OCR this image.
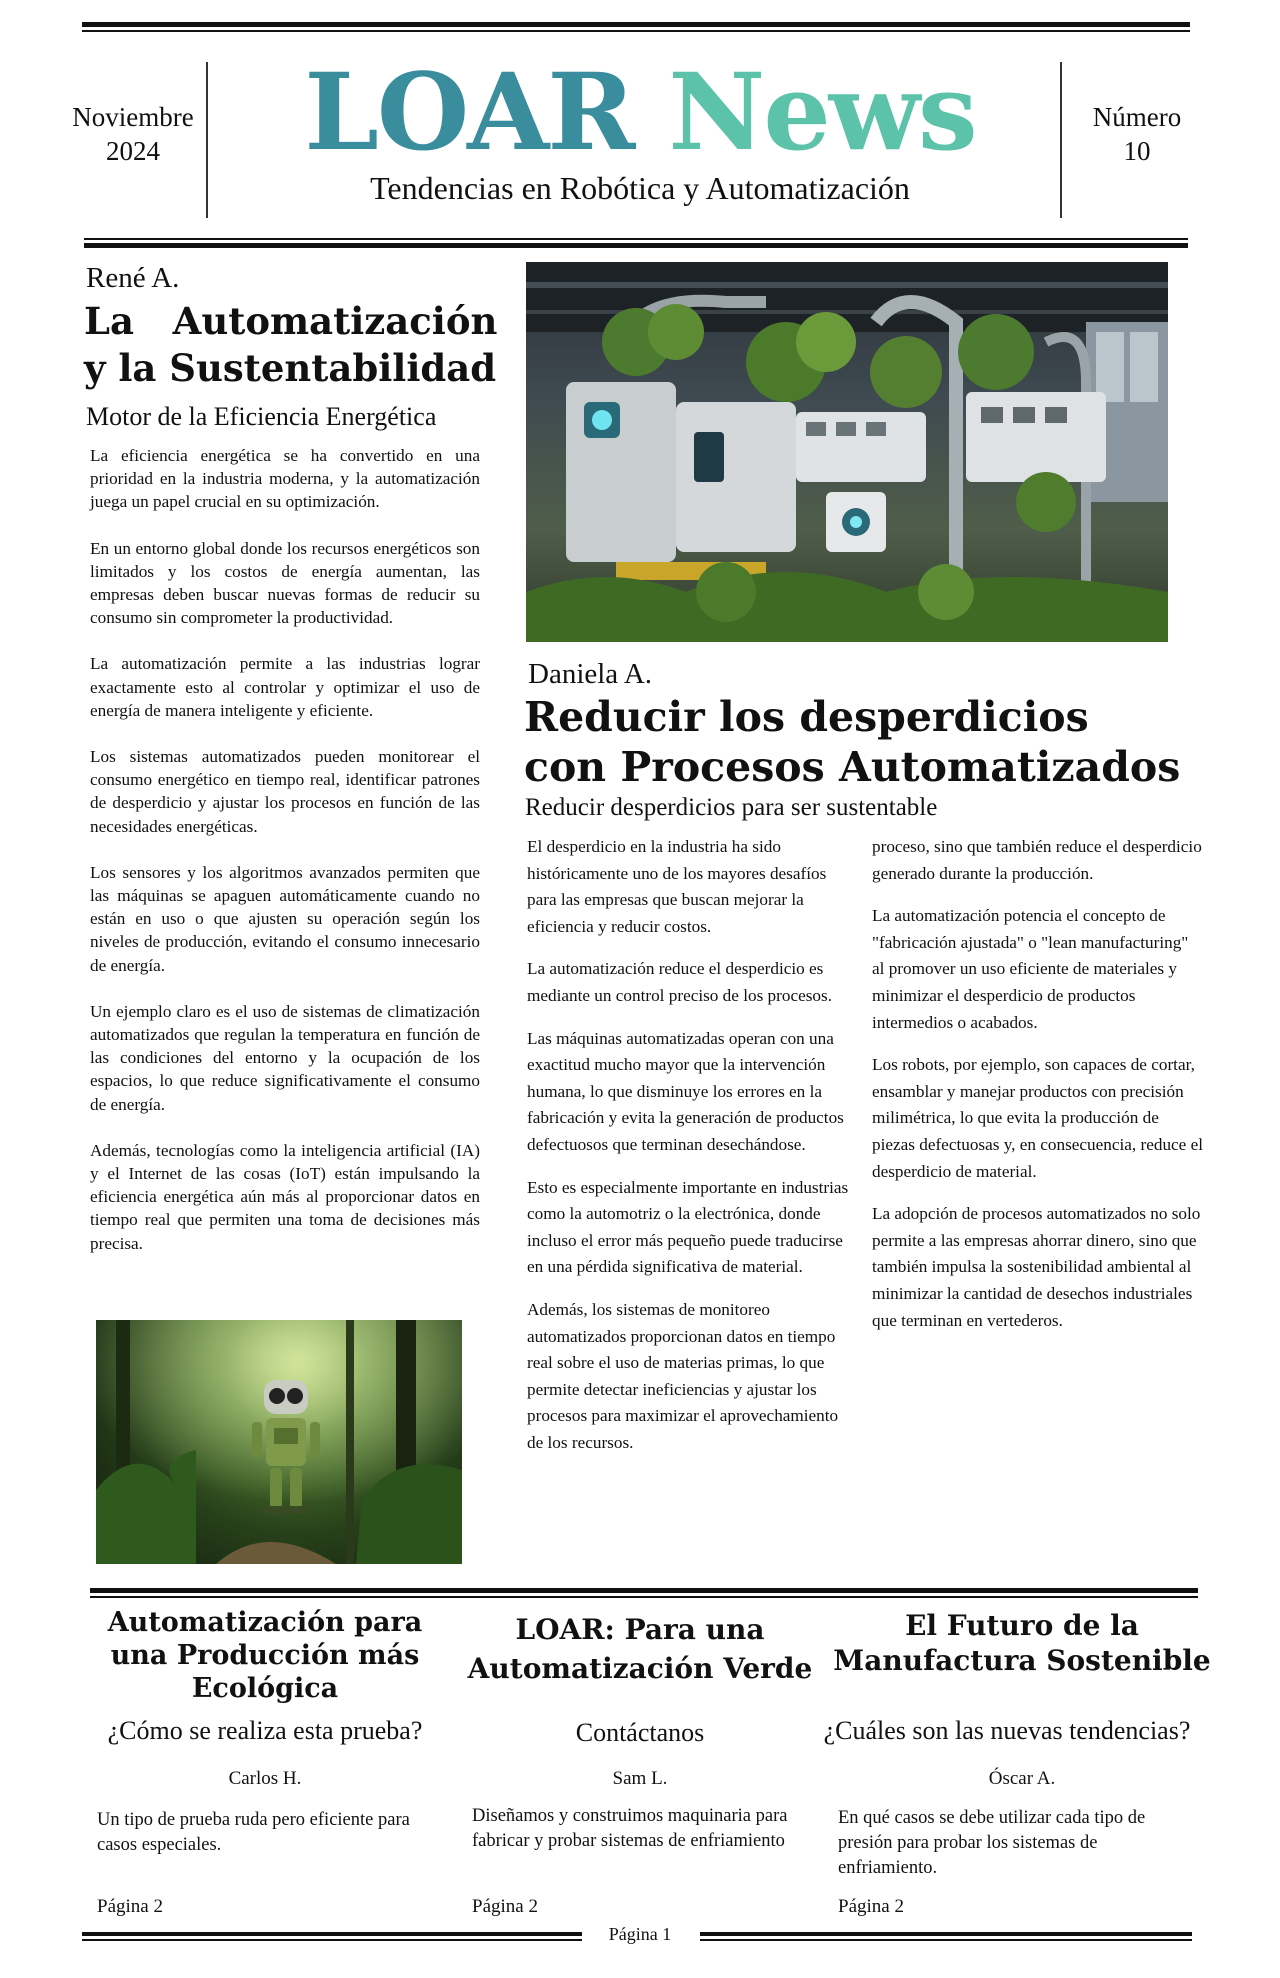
Noviembre
2024	LOAR News
Tendencias en Robótica y Automatización
Número
10
René A.
La   Automatización
y la Sustentabilidad
Motor de la Eficiencia Energética

La eficiencia energética se ha convertido en una prioridad en la industria moderna, y la automatización juega un papel crucial en su optimización.

En un entorno global donde los recursos energéticos son limitados y los costos de energía aumentan, las empresas deben buscar nuevas formas de reducir su consumo sin comprometer la productividad.

La automatización permite a las industrias lograr exactamente esto al controlar y optimizar el uso de energía de manera inteligente y eficiente.

Los sistemas automatizados pueden monitorear el consumo energético en tiempo real, identificar patrones de desperdicio y ajustar los procesos en función de las necesidades energéticas.

Los sensores y los algoritmos avanzados permiten que las máquinas se apaguen automáticamente cuando no están en uso o que ajusten su operación según los niveles de producción, evitando el consumo innecesario de energía.

Un ejemplo claro es el uso de sistemas de climatización automatizados que regulan la temperatura en función de las condiciones del entorno y la ocupación de los espacios, lo que reduce significativamente el consumo de energía.

Además, tecnologías como la inteligencia artificial (IA) y el Internet de las cosas (IoT) están impulsando la eficiencia energética aún más al proporcionar datos en tiempo real que permiten una toma de decisiones más precisa.

Daniela A.
Reducir los desperdicios
con Procesos Automatizados
Reducir desperdicios para ser sustentable

El desperdicio en la industria ha sido históricamente uno de los mayores desafíos para las empresas que buscan mejorar la eficiencia y reducir costos.

La automatización reduce el desperdicio es mediante un control preciso de los procesos.

Las máquinas automatizadas operan con una exactitud mucho mayor que la intervención humana, lo que disminuye los errores en la fabricación y evita la generación de productos defectuosos que terminan desechándose.

Esto es especialmente importante en industrias como la automotriz o la electrónica, donde incluso el error más pequeño puede traducirse en una pérdida significativa de material.

Además, los sistemas de monitoreo automatizados proporcionan datos en tiempo real sobre el uso de materias primas, lo que permite detectar ineficiencias y ajustar los procesos para maximizar el aprovechamiento de los recursos.

proceso, sino que también reduce el desperdicio generado durante la producción.

La automatización potencia el concepto de "fabricación ajustada" o "lean manufacturing" al promover un uso eficiente de materiales y minimizar el desperdicio de productos intermedios o acabados.

Los robots, por ejemplo, son capaces de cortar, ensamblar y manejar productos con precisión milimétrica, lo que evita la producción de piezas defectuosas y, en consecuencia, reduce el desperdicio de material.

La adopción de procesos automatizados no solo permite a las empresas ahorrar dinero, sino que también impulsa la sostenibilidad ambiental al minimizar la cantidad de desechos industriales que terminan en vertederos.

Automatización para
una Producción más
Ecológica
¿Cómo se realiza esta prueba?
Carlos H.
Un tipo de prueba ruda pero eficiente para casos especiales.
Página 2
LOAR: Para una
Automatización Verde
Contáctanos
Sam L.
Diseñamos y construimos maquinaria para fabricar y probar sistemas de enfriamiento
Página 2
El Futuro de la
Manufactura Sostenible
¿Cuáles son las nuevas tendencias?
Óscar A.
En qué casos se debe utilizar cada tipo de presión para probar los sistemas de enfriamiento.
Página 2
Página 1
